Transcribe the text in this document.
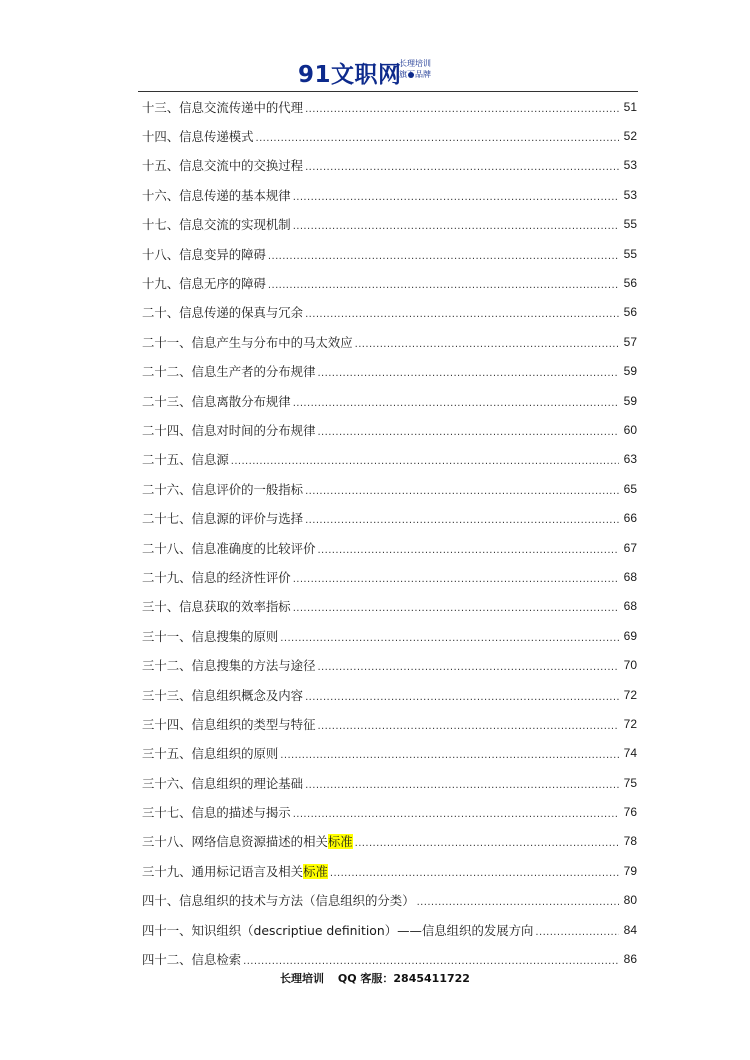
91文职网
长理培训
旗下品牌
十三、信息交流传递中的代理 .....	51
十四、信息传递模式 .....	52
十五、信息交流中的交换过程 .....	53
十六、信息传递的基本规律 .....	53
十七、信息交流的实现机制 .....	55
十八、信息变异的障碍 .....	55
十九、信息无序的障碍 .....	56
二十、信息传递的保真与冗余 .....	56
二十一、信息产生与分布中的马太效应 .....	57
二十二、信息生产者的分布规律 .....	59
二十三、信息离散分布规律 .....	59
二十四、信息对时间的分布规律 .....	60
二十五、信息源 .....	63
二十六、信息评价的一般指标 .....	65
二十七、信息源的评价与选择 .....	66
二十八、信息准确度的比较评价 .....	67
二十九、信息的经济性评价 .....	68
三十、信息获取的效率指标 .....	68
三十一、信息搜集的原则 .....	69
三十二、信息搜集的方法与途径 .....	70
三十三、信息组织概念及内容 .....	72
三十四、信息组织的类型与特征 .....	72
三十五、信息组织的原则 .....	74
三十六、信息组织的理论基础 .....	75
三十七、信息的描述与揭示 .....	76
三十八、网络信息资源描述的相关标准 .....	78
三十九、通用标记语言及相关标准 .....	79
四十、信息组织的技术与方法（信息组织的分类） .....	80
四十一、知识组织（descriptiue definition）——信息组织的发展方向 .....	84
四十二、信息检索 .....	86
长理培训 QQ 客服：2845411722
